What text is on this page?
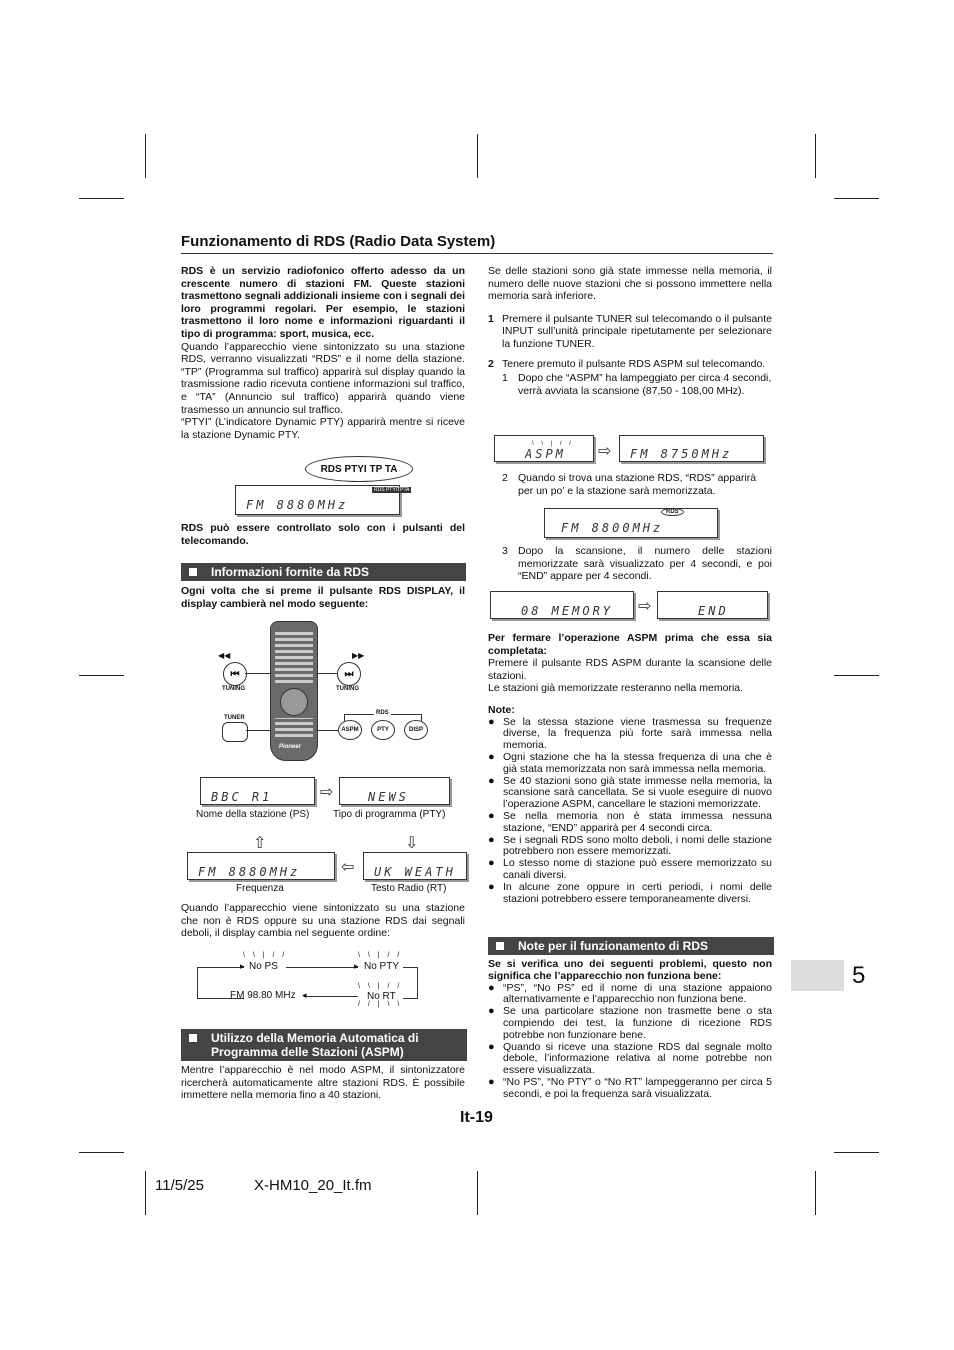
Funzionamento di RDS (Radio Data System)

RDS è un servizio radiofonico offerto adesso da un crescente numero di stazioni FM. Queste stazioni trasmettono segnali addizionali insieme con i segnali dei loro programmi regolari. Per esempio, le stazioni trasmettono il loro nome e informazioni riguardanti il tipo di programma: sport, musica, ecc.

Quando l’apparecchio viene sintonizzato su una stazione RDS, verranno visualizzati “RDS” e il nome della stazione. “TP” (Programma sul traffico) apparirà sul display quando la trasmissione radio ricevuta contiene informazioni sul traffico, e “TA” (Annuncio sul traffico) apparirà quando viene trasmesso un annuncio sul traffico.

“PTYI” (L’indicatore Dynamic PTY) apparirà mentre si riceve la stazione Dynamic PTY.

RDS PTYI TP TA
FM 8880MHz
RDS PTYITPTA
RDS può essere controllato solo con i pulsanti del telecomando.
Informazioni fornite da RDS
Ogni volta che si preme il pulsante RDS DISPLAY, il display cambierà nel modo seguente:
Pioneer
⏮	⏭
◀◀	▶▶
TUNING	TUNING
TUNER
RDS
ASPM	PTY	DISP
BBC R1	⇨	NEWS
Nome della stazione (PS) Tipo di programma (PTY)
⇧	⇩
FM 8880MHz	⇦	UK WEATH
Frequenza	Testo Radio (RT)
Quando l’apparecchio viene sintonizzato su una stazione che non è RDS oppure su una stazione RDS dai segnali deboli, il display cambia nel seguente ordine:
No PS	No PTY
FM 98.80 MHz	No RT
\ \ | / /	\ \ | / /
\ \ | / /
/ / | \ \
▸
◂
▸
Utilizzo della Memoria Automatica di
Programma delle Stazioni (ASPM)
Mentre l’apparecchio è nel modo ASPM, il sintonizzatore ricercherà automaticamente altre stazioni RDS. È possibile immettere nella memoria fino a 40 stazioni.

Se delle stazioni sono già state immesse nella memoria, il numero delle nuove stazioni che si possono immettere nella memoria sarà inferiore.

1 Premere il pulsante TUNER sul telecomando o il pulsante INPUT sull’unità principale ripetutamente per selezionare la funzione TUNER.
2 Tenere premuto il pulsante RDS ASPM sul telecomando.
1 Dopo che “ASPM” ha lampeggiato per circa 4 secondi, verrà avviata la scansione (87,50 - 108,00 MHz).
ASPM
\ \ | / / ⇨	FM 8750MHz
2 Quando si trova una stazione RDS, “RDS” apparirà per un po’ e la stazione sarà memorizzata.
FM 8800MHz
RDS
3 Dopo la scansione, il numero delle stazioni memorizzate sarà visualizzato per 4 secondi, e poi “END” appare per 4 secondi.
08 MEMORY	⇨	END

Per fermare l’operazione ASPM prima che essa sia completata:

Premere il pulsante RDS ASPM durante la scansione delle stazioni.

Le stazioni già memorizzate resteranno nella memoria.

Note:

● Se la stessa stazione viene trasmessa su frequenze diverse, la frequenza più forte sarà immessa nella memoria.
● Ogni stazione che ha la stessa frequenza di una che è già stata memorizzata non sarà immessa nella memoria.
● Se 40 stazioni sono già state immesse nella memoria, la scansione sarà cancellata. Se si vuole eseguire di nuovo l’operazione ASPM, cancellare le stazioni memorizzate.
● Se nella memoria non è stata immessa nessuna stazione, “END” apparirà per 4 secondi circa.
● Se i segnali RDS sono molto deboli, i nomi delle stazione potrebbero non essere memorizzati.
● Lo stesso nome di stazione può essere memorizzato su canali diversi.
● In alcune zone oppure in certi periodi, i nomi delle stazioni potrebbero essere temporaneamente diversi.
Note per il funzionamento di RDS

Se si verifica uno dei seguenti problemi, questo non significa che l’apparecchio non funziona bene:

● “PS”, “No PS” ed il nome di una stazione appaiono alternativamente e l’apparecchio non funziona bene.
● Se una particolare stazione non trasmette bene o sta compiendo dei test, la funzione di ricezione RDS potrebbe non funzionare bene.
● Quando si riceve una stazione RDS dal segnale molto debole, l’informazione relativa al nome potrebbe non essere visualizzata.
● “No PS”, “No PTY” o “No RT” lampeggeranno per circa 5 secondi, e poi la frequenza sarà visualizzata.
5
It-19
11/5/25	X-HM10_20_It.fm
